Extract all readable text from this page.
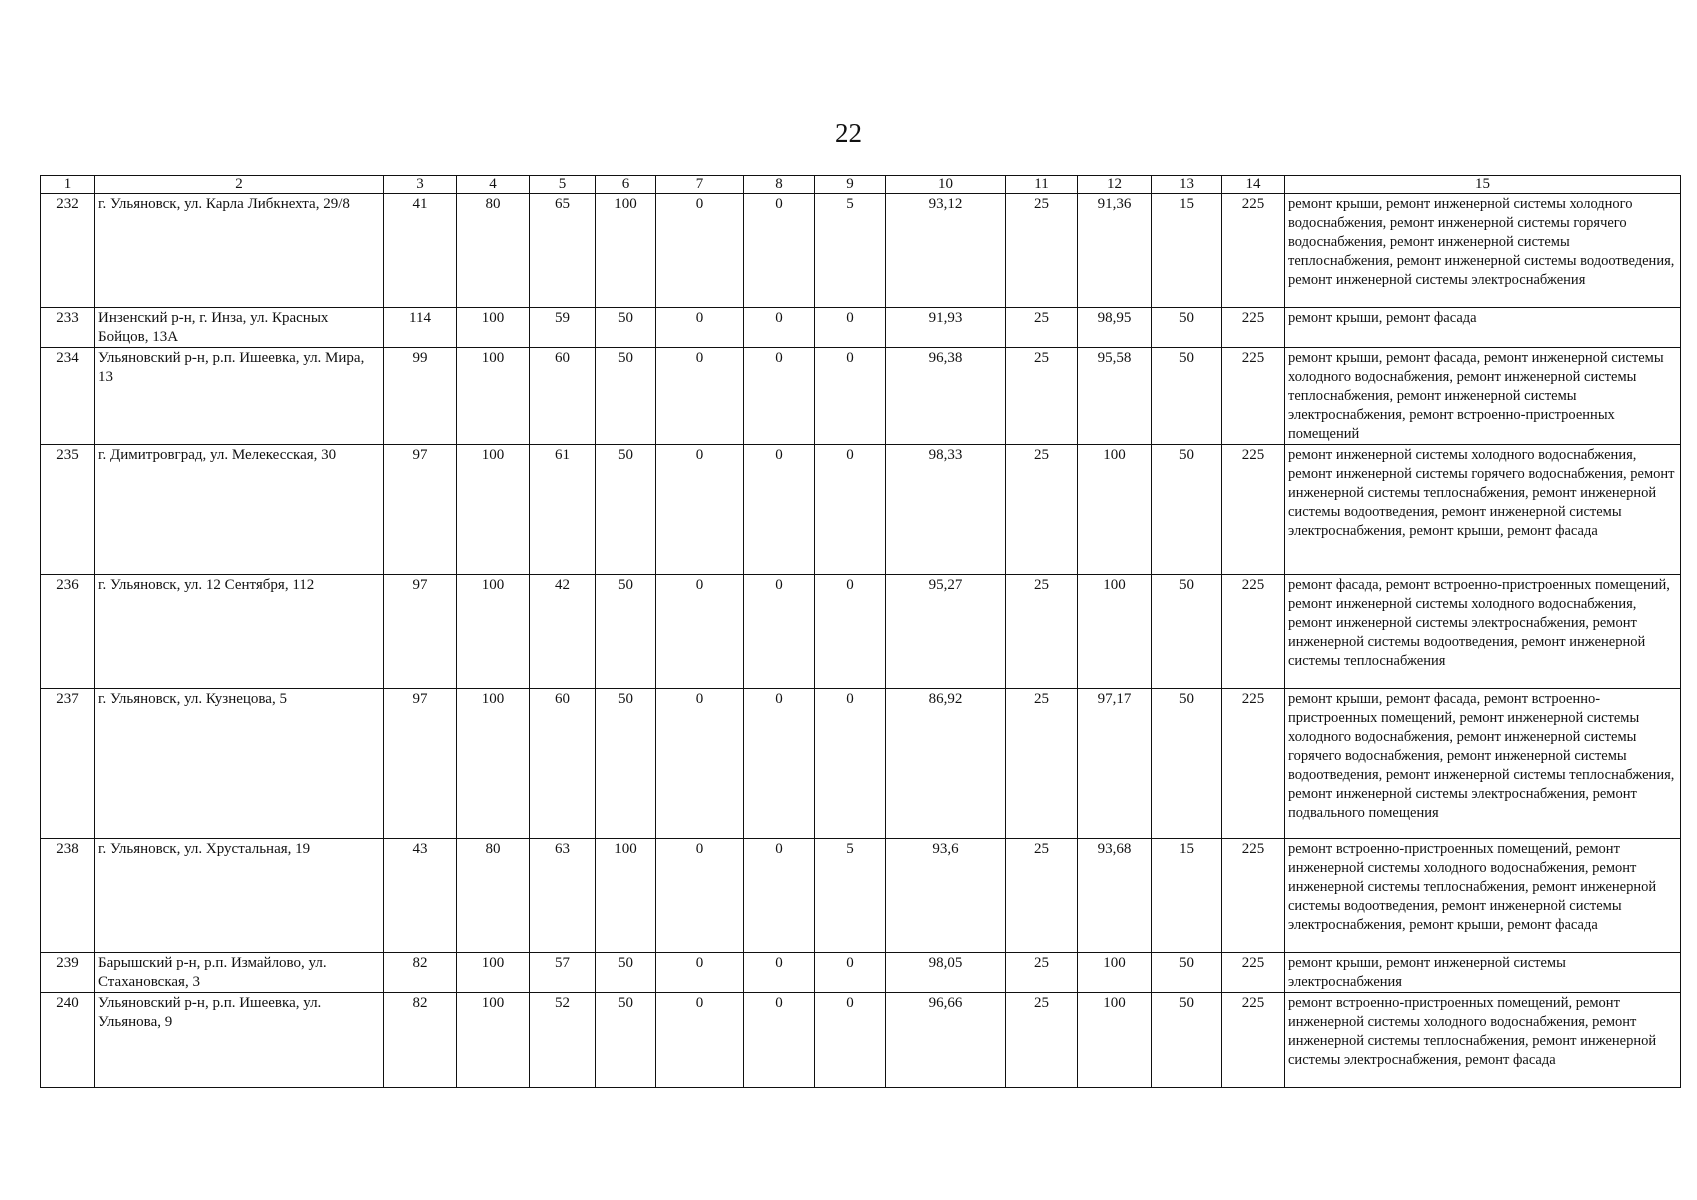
22
1	2	3	4	5	6	7	8	9	10	11	12	13	14	15
232	г. Ульяновск, ул. Карла Либкнехта, 29/8	41	80	65	100	0	0	5	93,12	25	91,36	15	225	ремонт крыши, ремонт инженерной системы холодного водоснабжения, ремонт инженерной системы горячего водоснабжения, ремонт инженерной системы теплоснабжения, ремонт инженерной системы водоотведения, ремонт инженерной системы электроснабжения
233	Инзенский р-н, г. Инза, ул. Красных Бойцов, 13А	114	100	59	50	0	0	0	91,93	25	98,95	50	225	ремонт крыши, ремонт фасада
234	Ульяновский р-н, р.п. Ишеевка, ул. Мира, 13	99	100	60	50	0	0	0	96,38	25	95,58	50	225	ремонт крыши, ремонт фасада, ремонт инженерной системы холодного водоснабжения, ремонт инженерной системы теплоснабжения, ремонт инженерной системы электроснабжения, ремонт встроенно-пристроенных помещений
235	г. Димитровград, ул. Мелекесская, 30	97	100	61	50	0	0	0	98,33	25	100	50	225	ремонт инженерной системы холодного водоснабжения, ремонт инженерной системы горячего водоснабжения, ремонт инженерной системы теплоснабжения, ремонт инженерной системы водоотведения, ремонт инженерной системы электроснабжения, ремонт крыши, ремонт фасада
236	г. Ульяновск, ул. 12 Сентября, 112	97	100	42	50	0	0	0	95,27	25	100	50	225	ремонт фасада, ремонт встроенно-пристроенных помещений, ремонт инженерной системы холодного водоснабжения, ремонт инженерной системы электроснабжения, ремонт инженерной системы водоотведения, ремонт инженерной системы теплоснабжения
237	г. Ульяновск, ул. Кузнецова, 5	97	100	60	50	0	0	0	86,92	25	97,17	50	225	ремонт крыши, ремонт фасада, ремонт встроенно-пристроенных помещений, ремонт инженерной системы холодного водоснабжения, ремонт инженерной системы горячего водоснабжения, ремонт инженерной системы водоотведения, ремонт инженерной системы теплоснабжения, ремонт инженерной системы электроснабжения, ремонт подвального помещения
238	г. Ульяновск, ул. Хрустальная, 19	43	80	63	100	0	0	5	93,6	25	93,68	15	225	ремонт встроенно-пристроенных помещений, ремонт инженерной системы холодного водоснабжения, ремонт инженерной системы теплоснабжения, ремонт инженерной системы водоотведения, ремонт инженерной системы электроснабжения, ремонт крыши, ремонт фасада
239	Барышский р-н, р.п. Измайлово, ул. Стахановская, 3	82	100	57	50	0	0	0	98,05	25	100	50	225	ремонт крыши, ремонт инженерной системы электроснабжения
240	Ульяновский р-н, р.п. Ишеевка, ул. Ульянова, 9	82	100	52	50	0	0	0	96,66	25	100	50	225	ремонт встроенно-пристроенных помещений, ремонт инженерной системы холодного водоснабжения, ремонт инженерной системы теплоснабжения, ремонт инженерной системы электроснабжения, ремонт фасада
